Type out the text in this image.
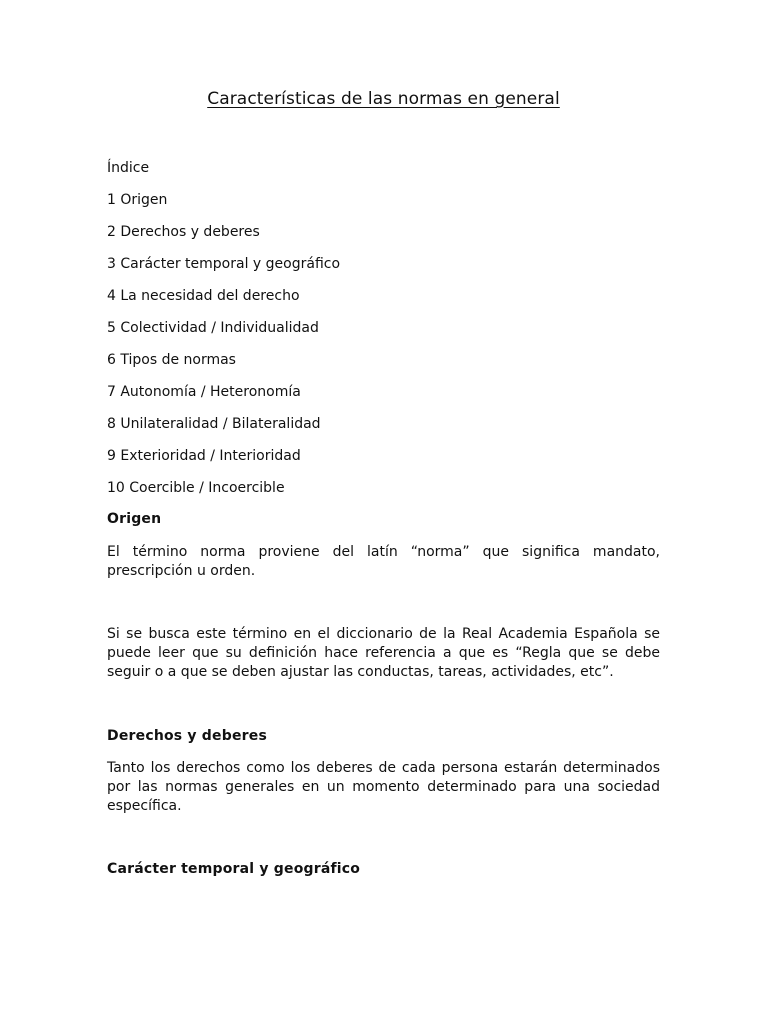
Características de las normas en general

Índice

1 Origen
2 Derechos y deberes
3 Carácter temporal y geográfico
4 La necesidad del derecho
5 Colectividad / Individualidad
6 Tipos de normas
7 Autonomía / Heteronomía
8 Unilateralidad / Bilateralidad
9 Exterioridad / Interioridad
10 Coercible / Incoercible
Origen

El término norma proviene del latín “norma” que significa mandato, prescripción u orden.

Si se busca este término en el diccionario de la Real Academia Española se puede leer que su definición hace referencia a que es “Regla que se debe seguir o a que se deben ajustar las conductas, tareas, actividades, etc”.

Derechos y deberes

Tanto los derechos como los deberes de cada persona estarán determinados por las normas generales en un momento determinado para una sociedad específica.

Carácter temporal y geográfico
